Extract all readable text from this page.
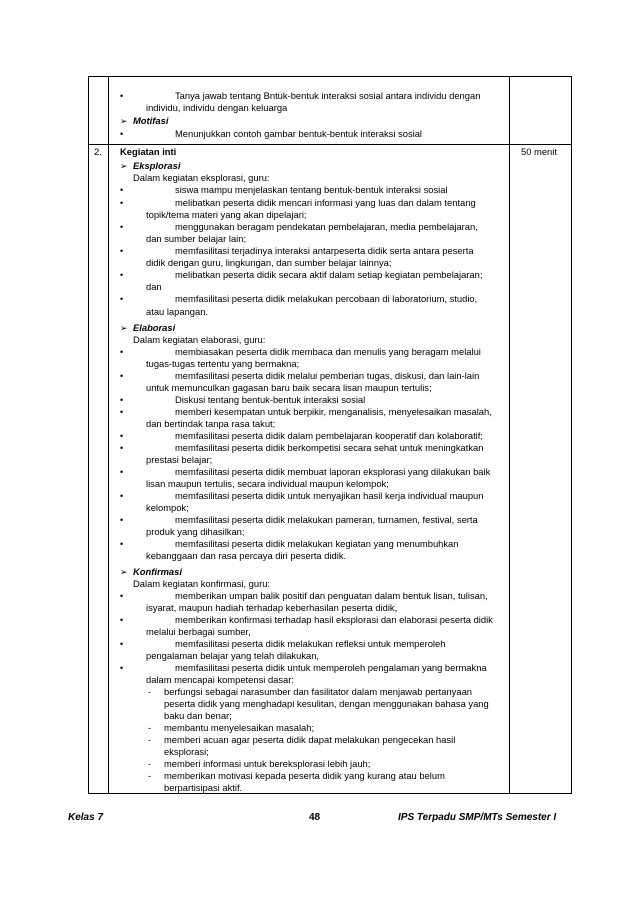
•	Tanya jawab tentang Bntuk-bentuk interaksi sosial antara individu dengan
individu, individu dengan keluarga
➢ Motifasi
•	Menunjukkan contoh gambar bentuk-bentuk interaksi sosial
2. Kegiatan inti	50 menit
➢ Eksplorasi
Dalam kegiatan eksplorasi, guru:
•	siswa mampu menjelaskan tentang bentuk-bentuk interaksi sosial
•	melibatkan peserta didik mencari informasi yang luas dan dalam tentang
topik/tema materi yang akan dipelajari;
•	menggunakan beragam pendekatan pembelajaran, media pembelajaran,
dan sumber belajar lain;
•	memfasilitasi terjadinya interaksi antarpeserta didik serta antara peserta
didik dengan guru, lingkungan, dan sumber belajar lainnya;
•	melibatkan peserta didik secara aktif dalam setiap kegiatan pembelajaran;
dan
•	memfasilitasi peserta didik melakukan percobaan di laboratorium, studio,
atau lapangan.
➢ Elaborasi
Dalam kegiatan elaborasi, guru:
•	membiasakan peserta didik membaca dan menulis yang beragam melalui
tugas-tugas tertentu yang bermakna;
•	memfasilitasi peserta didik melalui pemberian tugas, diskusi, dan lain-lain
untuk memunculkan gagasan baru baik secara lisan maupun tertulis;
•	Diskusi tentang bentuk-bentuk interaksi sosial
•	memberi kesempatan untuk berpikir, menganalisis, menyelesaikan masalah,
dan bertindak tanpa rasa takut;
•	memfasilitasi peserta didik dalam pembelajaran kooperatif dan kolaboratif;
•	memfasilitasi peserta didik berkompetisi secara sehat untuk meningkatkan
prestasi belajar;
•	memfasilitasi peserta didik membuat laporan eksplorasi yang dilakukan baik
lisan maupun tertulis, secara individual maupun kelompok;
•	memfasilitasi peserta didik untuk menyajikan hasil kerja individual maupun
kelompok;
•	memfasilitasi peserta didik melakukan pameran, turnamen, festival, serta
produk yang dihasilkan;
•	memfasilitasi peserta didik melakukan kegiatan yang menumbuhkan
kebanggaan dan rasa percaya diri peserta didik.
➢ Konfirmasi
Dalam kegiatan konfirmasi, guru:
•	memberikan umpan balik positif dan penguatan dalam bentuk lisan, tulisan,
isyarat, maupun hadiah terhadap keberhasilan peserta didik,
•	memberikan konfirmasi terhadap hasil eksplorasi dan elaborasi peserta didik
melalui berbagai sumber,
•	memfasilitasi peserta didik melakukan refleksi untuk memperoleh
pengalaman belajar yang telah dilakukan,
•	memfasilitasi peserta didik untuk memperoleh pengalaman yang bermakna
dalam mencapai kompetensi dasar:
- berfungsi sebagai narasumber dan fasilitator dalam menjawab pertanyaan
peserta didik yang menghadapi kesulitan, dengan menggunakan bahasa yang
baku dan benar;
- membantu menyelesaikan masalah;
- memberi acuan agar peserta didik dapat melakukan pengecekan hasil
eksplorasi;
- memberi informasi untuk bereksplorasi lebih jauh;
- memberikan motivasi kepada peserta didik yang kurang atau belum
berpartisipasi aktif.
Kelas 7	48	IPS Terpadu SMP/MTs Semester I
